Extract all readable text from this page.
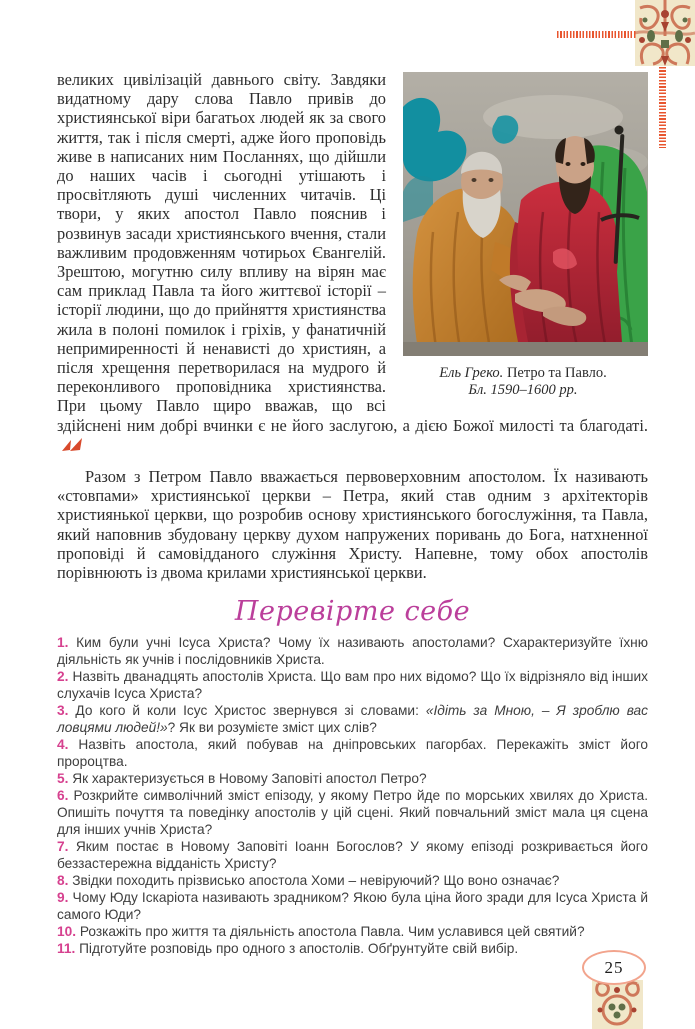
Ель Греко. Петро та Павло.
Бл. 1590–1600 рр.

великих цивілізацій давнього світу. Завдяки видатному дару слова Павло привів до християнської віри багатьох людей як за свого життя, так і після смерті, адже його проповідь живе в написаних ним Посланнях, що дійшли до наших часів і сьогодні утішають і просвітляють душі численних читачів. Ці твори, у яких апостол Павло пояснив і розвинув засади християнського вчення, стали важливим продовженням чотирьох Євангелій. Зрештою, могутню силу впливу на вірян має сам приклад Павла та його життєвої історії – історії людини, що до прийняття християнства жила в полоні помилок і гріхів, у фанатичній непримиренності й ненависті до християн, а після хрещення перетворилася на мудрого й переконливого проповідника християнства. При цьому Павло щиро вважав, що всі здійснені ним добрі вчинки є не його заслугою, а дією Божої милості та благодаті.

Разом з Петром Павло вважається первоверховним апостолом. Їх називають «стовпами» християнської церкви – Петра, який став одним з архітекторів християнької церкви, що розробив основу християнського богослужіння, та Павла, який наповнив збудовану церкву духом напружених поривань до Бога, натхненної проповіді й самовідданого служіння Христу. Напевне, тому обох апостолів порівнюють із двома крилами християнської церкви.

Перевірте себе

1. Ким були учні Ісуса Христа? Чому їх називають апостолами? Схарактеризуйте їхню діяльність як учнів і послідовників Христа.

2. Назвіть дванадцять апостолів Христа. Що вам про них відомо? Що їх відрізняло від інших слухачів Ісуса Христа?

3. До кого й коли Ісус Христос звернувся зі словами: «Ідіть за Мною, – Я зроблю вас ловцями людей!»? Як ви розумієте зміст цих слів?

4. Назвіть апостола, який побував на дніпровських пагорбах. Перекажіть зміст його пророцтва.

5. Як характеризується в Новому Заповіті апостол Петро?

6. Розкрийте символічний зміст епізоду, у якому Петро йде по морських хвилях до Христа. Опишіть почуття та поведінку апостолів у цій сцені. Який повчальний зміст мала ця сцена для інших учнів Христа?

7. Яким постає в Новому Заповіті Іоанн Богослов? У якому епізоді розкривається його беззастережна відданість Христу?

8. Звідки походить прізвисько апостола Хоми – невіруючий? Що воно означає?

9. Чому Юду Іскаріота називають зрадником? Якою була ціна його зради для Ісуса Христа й самого Юди?

10. Розкажіть про життя та діяльність апостола Павла. Чим уславився цей святий?

11. Підготуйте розповідь про одного з апостолів. Обґрунтуйте свій вибір.

25
